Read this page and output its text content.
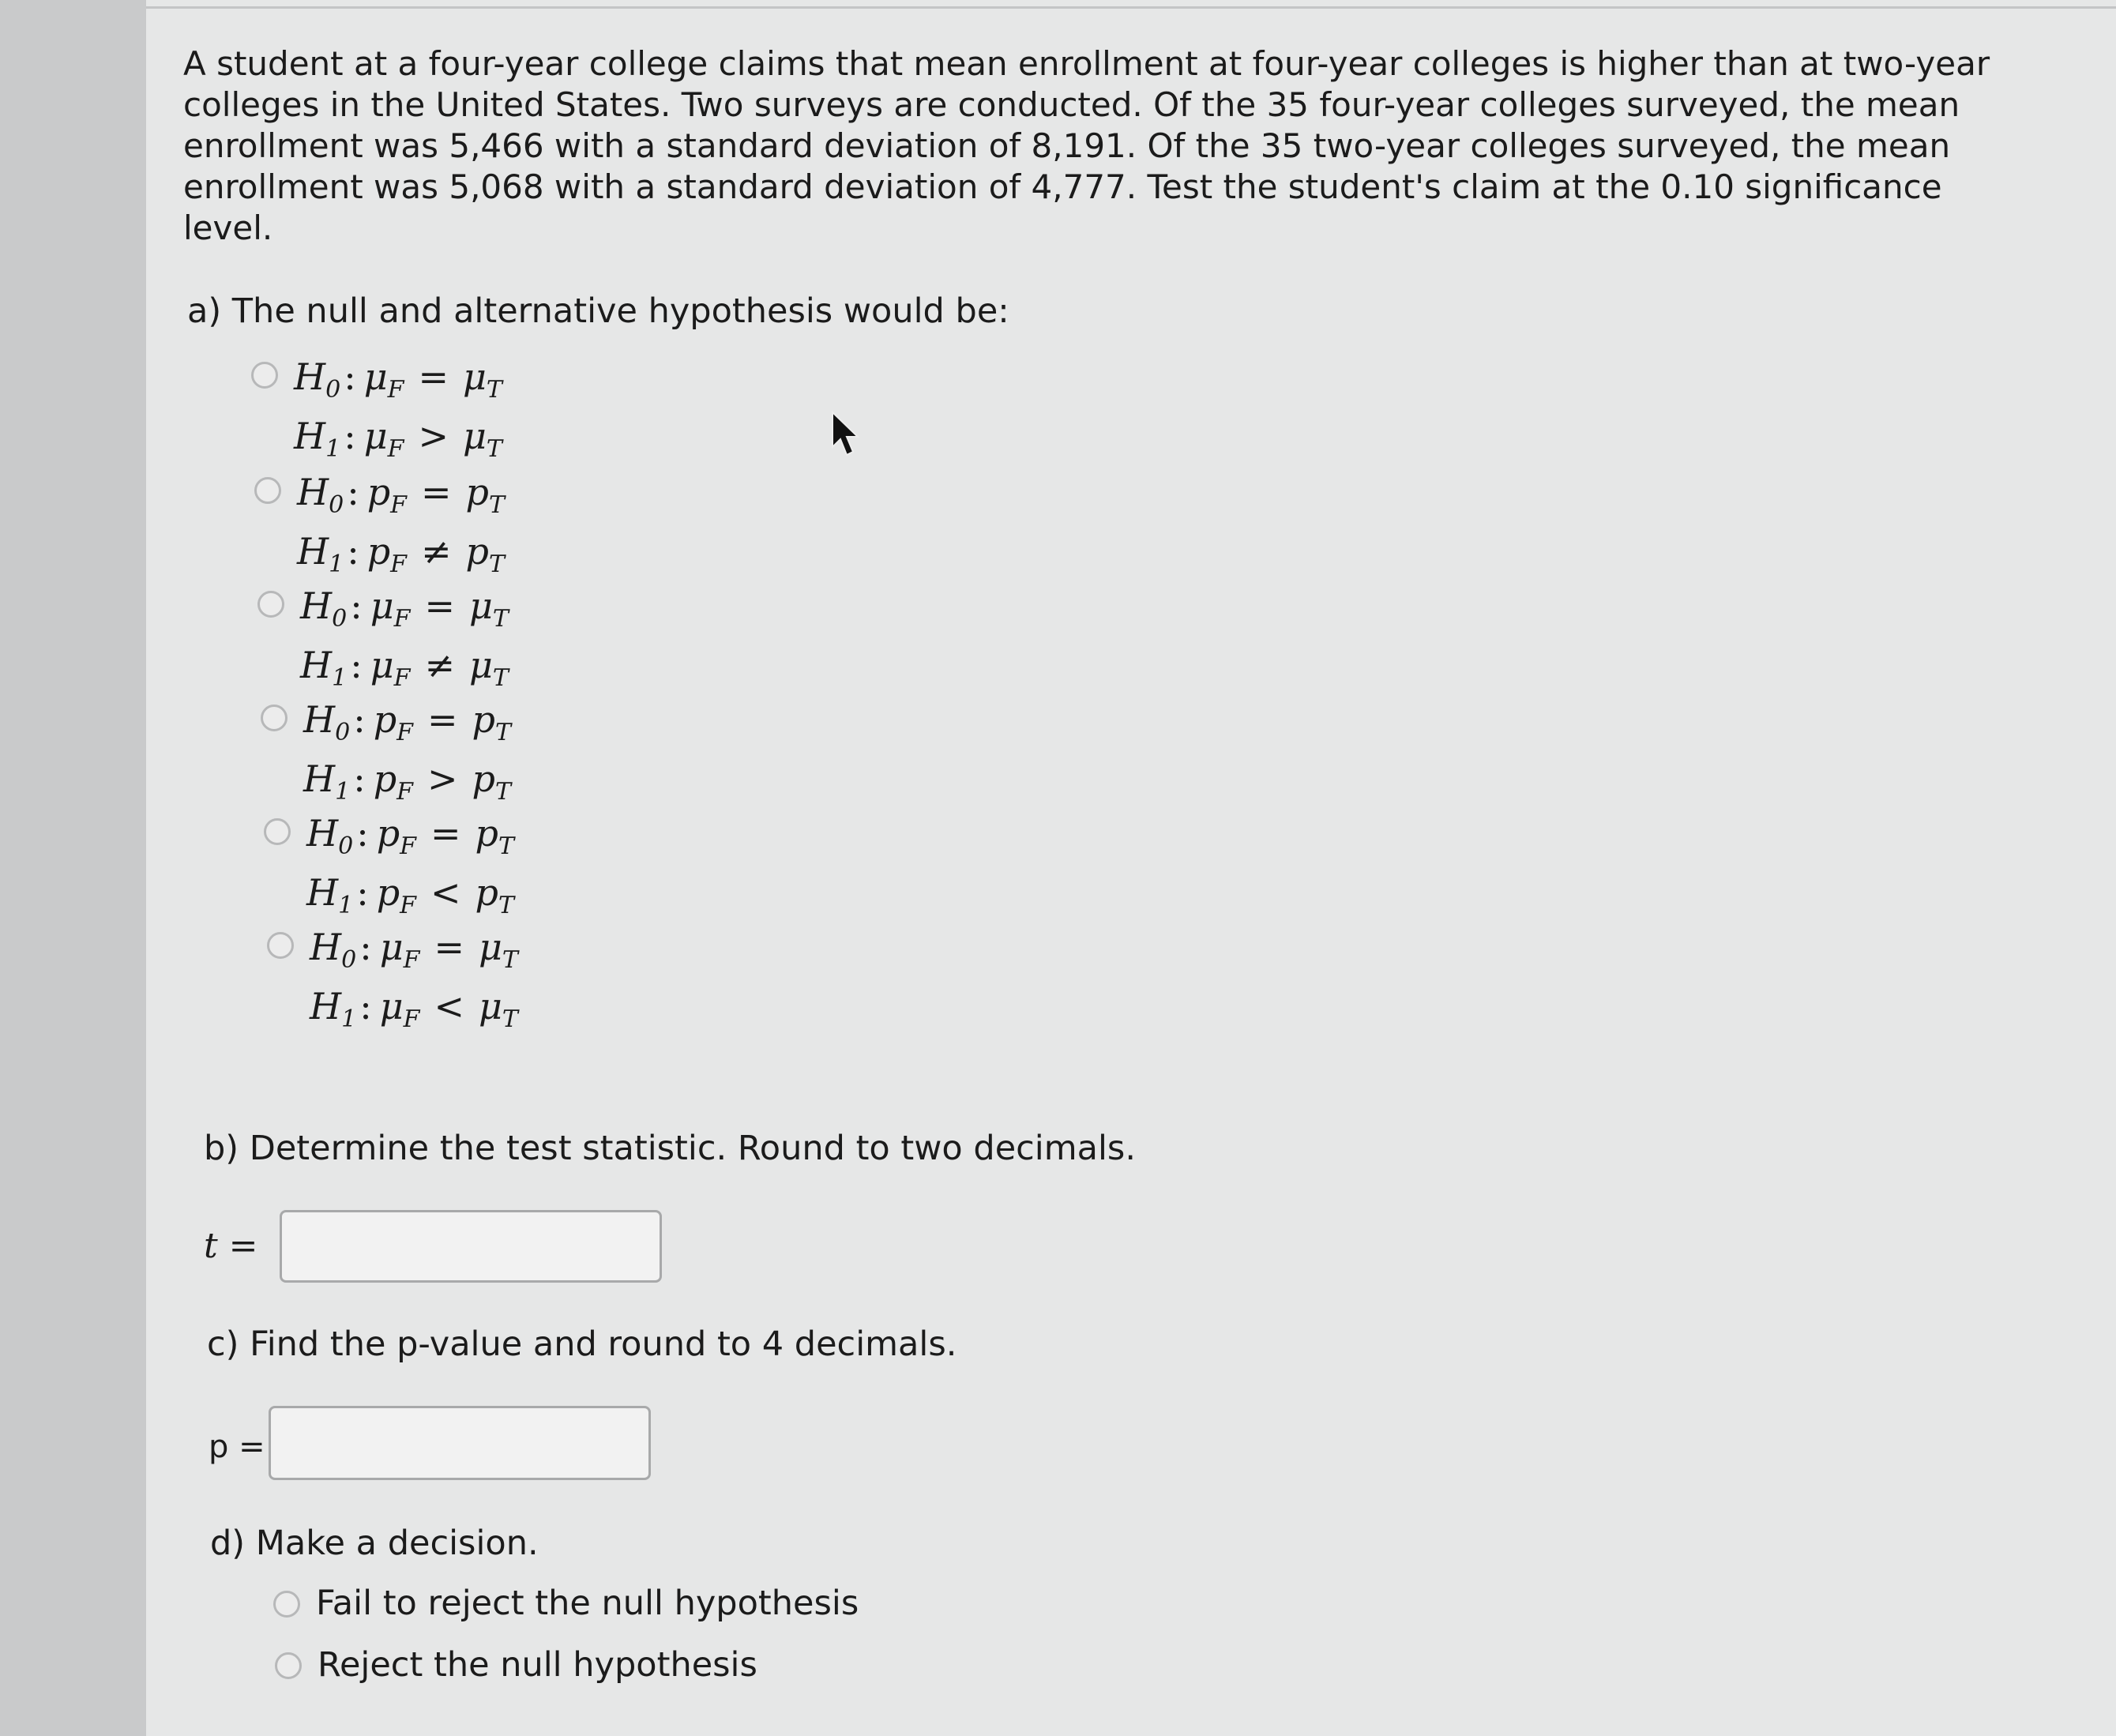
A student at a four-year college claims that mean enrollment at four-year colleges is higher than at two-year
colleges in the United States. Two surveys are conducted. Of the 35 four-year colleges surveyed, the mean
enrollment was 5,466 with a standard deviation of 8,191. Of the 35 two-year colleges surveyed, the mean
enrollment was 5,068 with a standard deviation of 4,777. Test the student's claim at the 0.10 significance
level.

a) The null and alternative hypothesis would be:
$H_0$: $\mu_F = \mu_T$
$H_1$: $\mu_F > \mu_T$
$H_0$: $p_F = p_T$
$H_1$: $p_F \ne p_T$
$H_0$: $\mu_F = \mu_T$
$H_1$: $\mu_F \ne \mu_T$
$H_0$: $p_F = p_T$
$H_1$: $p_F > p_T$
$H_0$: $p_F = p_T$
$H_1$: $p_F < p_T$
$H_0$: $\mu_F = \mu_T$
$H_1$: $\mu_F < \mu_T$
b) Determine the test statistic. Round to two decimals.
t =
c) Find the p-value and round to 4 decimals.
p =
d) Make a decision.
Fail to reject the null hypothesis
Reject the null hypothesis
